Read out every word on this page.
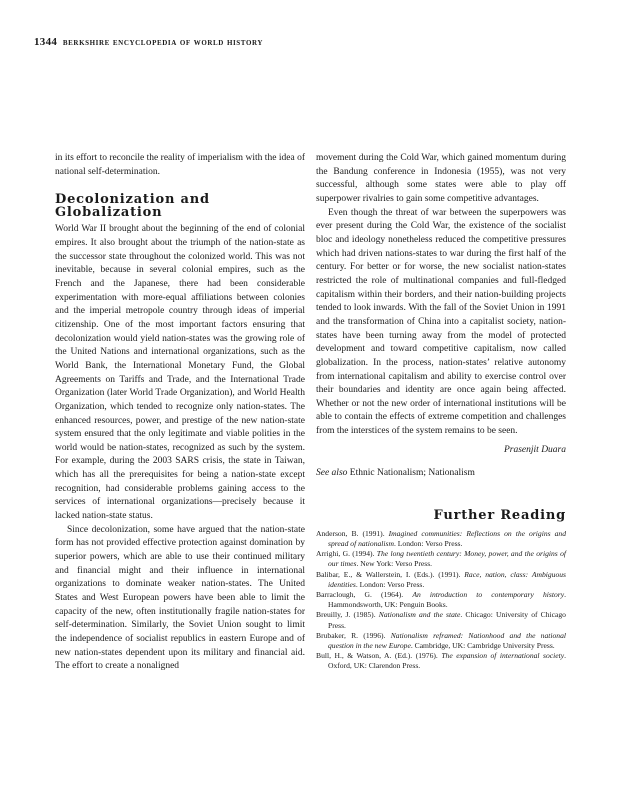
1344 berkshire encyclopedia of world history

in its effort to reconcile the reality of imperialism with the idea of national self-determination.

Decolonization and Globalization

World War II brought about the beginning of the end of colonial empires. It also brought about the triumph of the nation-state as the successor state throughout the colonized world. This was not inevitable, because in several colonial empires, such as the French and the Japanese, there had been considerable experimentation with more-equal affiliations between colonies and the imperial metropole country through ideas of imperial citizenship. One of the most important factors ensuring that decolonization would yield nation-states was the growing role of the United Nations and international organizations, such as the World Bank, the International Monetary Fund, the Global Agreements on Tariffs and Trade, and the International Trade Organization (later World Trade Organization), and World Health Organization, which tended to recognize only nation-states. The enhanced resources, power, and prestige of the new nation-state system ensured that the only legitimate and viable polities in the world would be nation-states, recognized as such by the system. For example, during the 2003 SARS crisis, the state in Taiwan, which has all the prerequisites for being a nation-state except recognition, had considerable problems gaining access to the services of international organizations—precisely because it lacked nation-state status.

Since decolonization, some have argued that the nation-state form has not provided effective protection against domination by superior powers, which are able to use their continued military and financial might and their influence in international organizations to dominate weaker nation-states. The United States and West European powers have been able to limit the capacity of the new, often institutionally fragile nation-states for self-determination. Similarly, the Soviet Union sought to limit the independence of socialist republics in eastern Europe and of new nation-states dependent upon its military and financial aid. The effort to create a nonaligned

movement during the Cold War, which gained momentum during the Bandung conference in Indonesia (1955), was not very successful, although some states were able to play off superpower rivalries to gain some competitive advantages.

Even though the threat of war between the superpowers was ever present during the Cold War, the existence of the socialist bloc and ideology nonetheless reduced the competitive pressures which had driven nations-states to war during the first half of the century. For better or for worse, the new socialist nation-states restricted the role of multinational companies and full-fledged capitalism within their borders, and their nation-building projects tended to look inwards. With the fall of the Soviet Union in 1991 and the transformation of China into a capitalist society, nation-states have been turning away from the model of protected development and toward competitive capitalism, now called globalization. In the process, nation-states’ relative autonomy from international capitalism and ability to exercise control over their boundaries and identity are once again being affected. Whether or not the new order of international institutions will be able to contain the effects of extreme competition and challenges from the interstices of the system remains to be seen.

Prasenjit Duara
See also Ethnic Nationalism; Nationalism
Further Reading

Anderson, B. (1991). Imagined communities: Reflections on the origins and spread of nationalism. London: Verso Press.

Arrighi, G. (1994). The long twentieth century: Money, power, and the origins of our times. New York: Verso Press.

Balibar, E., & Wallerstein, I. (Eds.). (1991). Race, nation, class: Ambiguous identities. London: Verso Press.

Barraclough, G. (1964). An introduction to contemporary history. Hammondsworth, UK: Penguin Books.

Breuilly, J. (1985). Nationalism and the state. Chicago: University of Chicago Press.

Brubaker, R. (1996). Nationalism reframed: Nationhood and the national question in the new Europe. Cambridge, UK: Cambridge University Press.

Bull, H., & Watson, A. (Ed.). (1976). The expansion of international society. Oxford, UK: Clarendon Press.
